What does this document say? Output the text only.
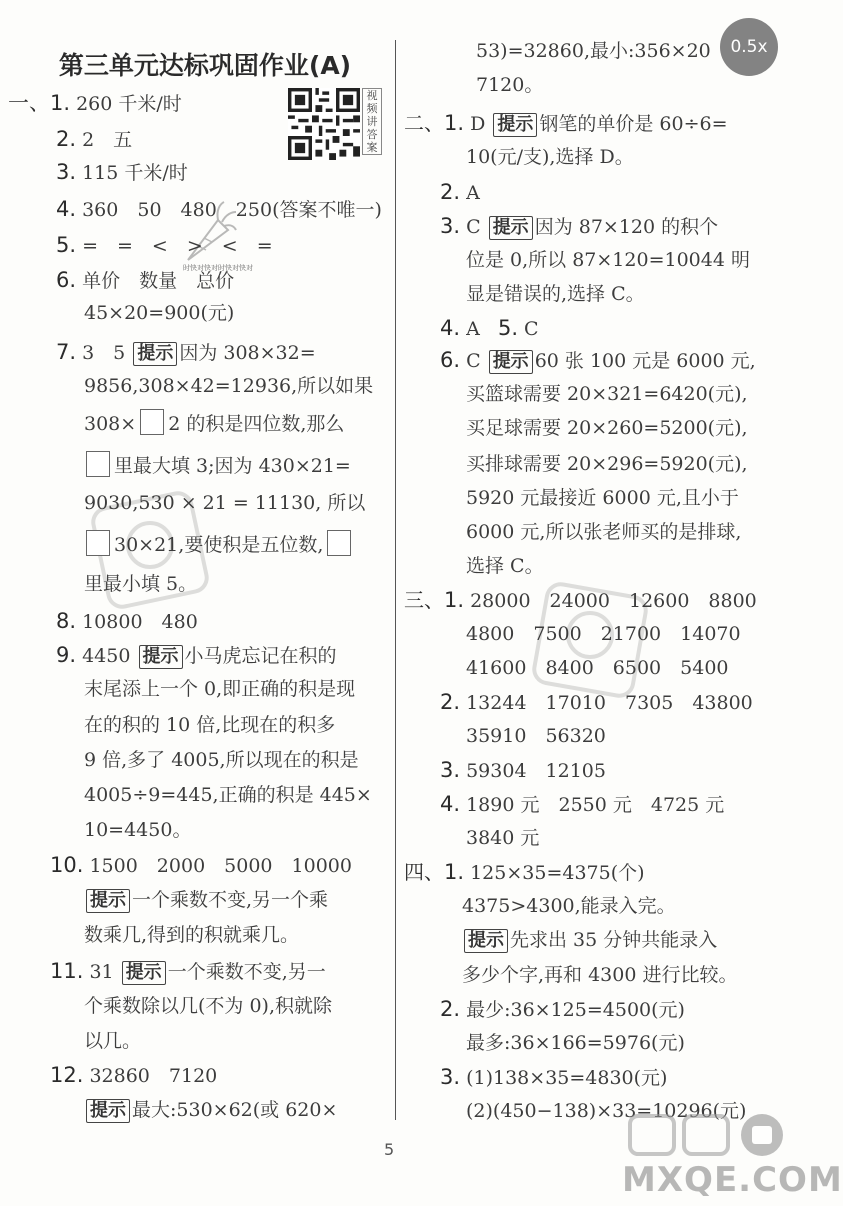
0.5x
第三单元达标巩固作业(A)
视频讲答案
时快对快对时快对快对
一、1. 260 千米/时
2. 2　五
3. 115 千米/时
4. 360　50　480　250(答案不唯一)
5. =　=　<　>　<　=
6. 单价　数量　总价
45×20=900(元)
7. 3　5 提示 因为 308×32=
9856,308×42=12936,所以如果
308× 2 的积是四位数,那么
里最大填 3;因为 430×21=
9030,530 × 21 = 11130, 所以
30×21,要使积是五位数,
里最小填 5。
8. 10800　480
9. 4450 提示 小马虎忘记在积的
末尾添上一个 0,即正确的积是现
在的积的 10 倍,比现在的积多
9 倍,多了 4005,所以现在的积是
4005÷9=445,正确的积是 445×
10=4450。
10. 1500　2000　5000　10000
提示 一个乘数不变,另一个乘
数乘几,得到的积就乘几。
11. 31 提示 一个乘数不变,另一
个乘数除以几(不为 0),积就除
以几。
12. 32860　7120
提示 最大:530×62(或 620×
53)=32860,最小:356×20
7120。
二、1. D 提示 钢笔的单价是 60÷6=
10(元/支),选择 D。
2. A
3. C 提示 因为 87×120 的积个
位是 0,所以 87×120=10044 明
显是错误的,选择 C。
4. A 5. C
6. C 提示 60 张 100 元是 6000 元,
买篮球需要 20×321=6420(元),
买足球需要 20×260=5200(元),
买排球需要 20×296=5920(元),
5920 元最接近 6000 元,且小于
6000 元,所以张老师买的是排球,
选择 C。
三、1. 28000　24000　12600　8800
4800　7500　21700　14070
41600　8400　6500　5400
2. 13244　17010　7305　43800
35910　56320
3. 59304　12105
4. 1890 元　2550 元　4725 元
3840 元
四、1. 125×35=4375(个)
4375>4300,能录入完。
提示 先求出 35 分钟共能录入
多少个字,再和 4300 进行比较。
2. 最少:36×125=4500(元)
最多:36×166=5976(元)
3. (1)138×35=4830(元)
(2)(450−138)×33=10296(元)
MXQE.COM
5
